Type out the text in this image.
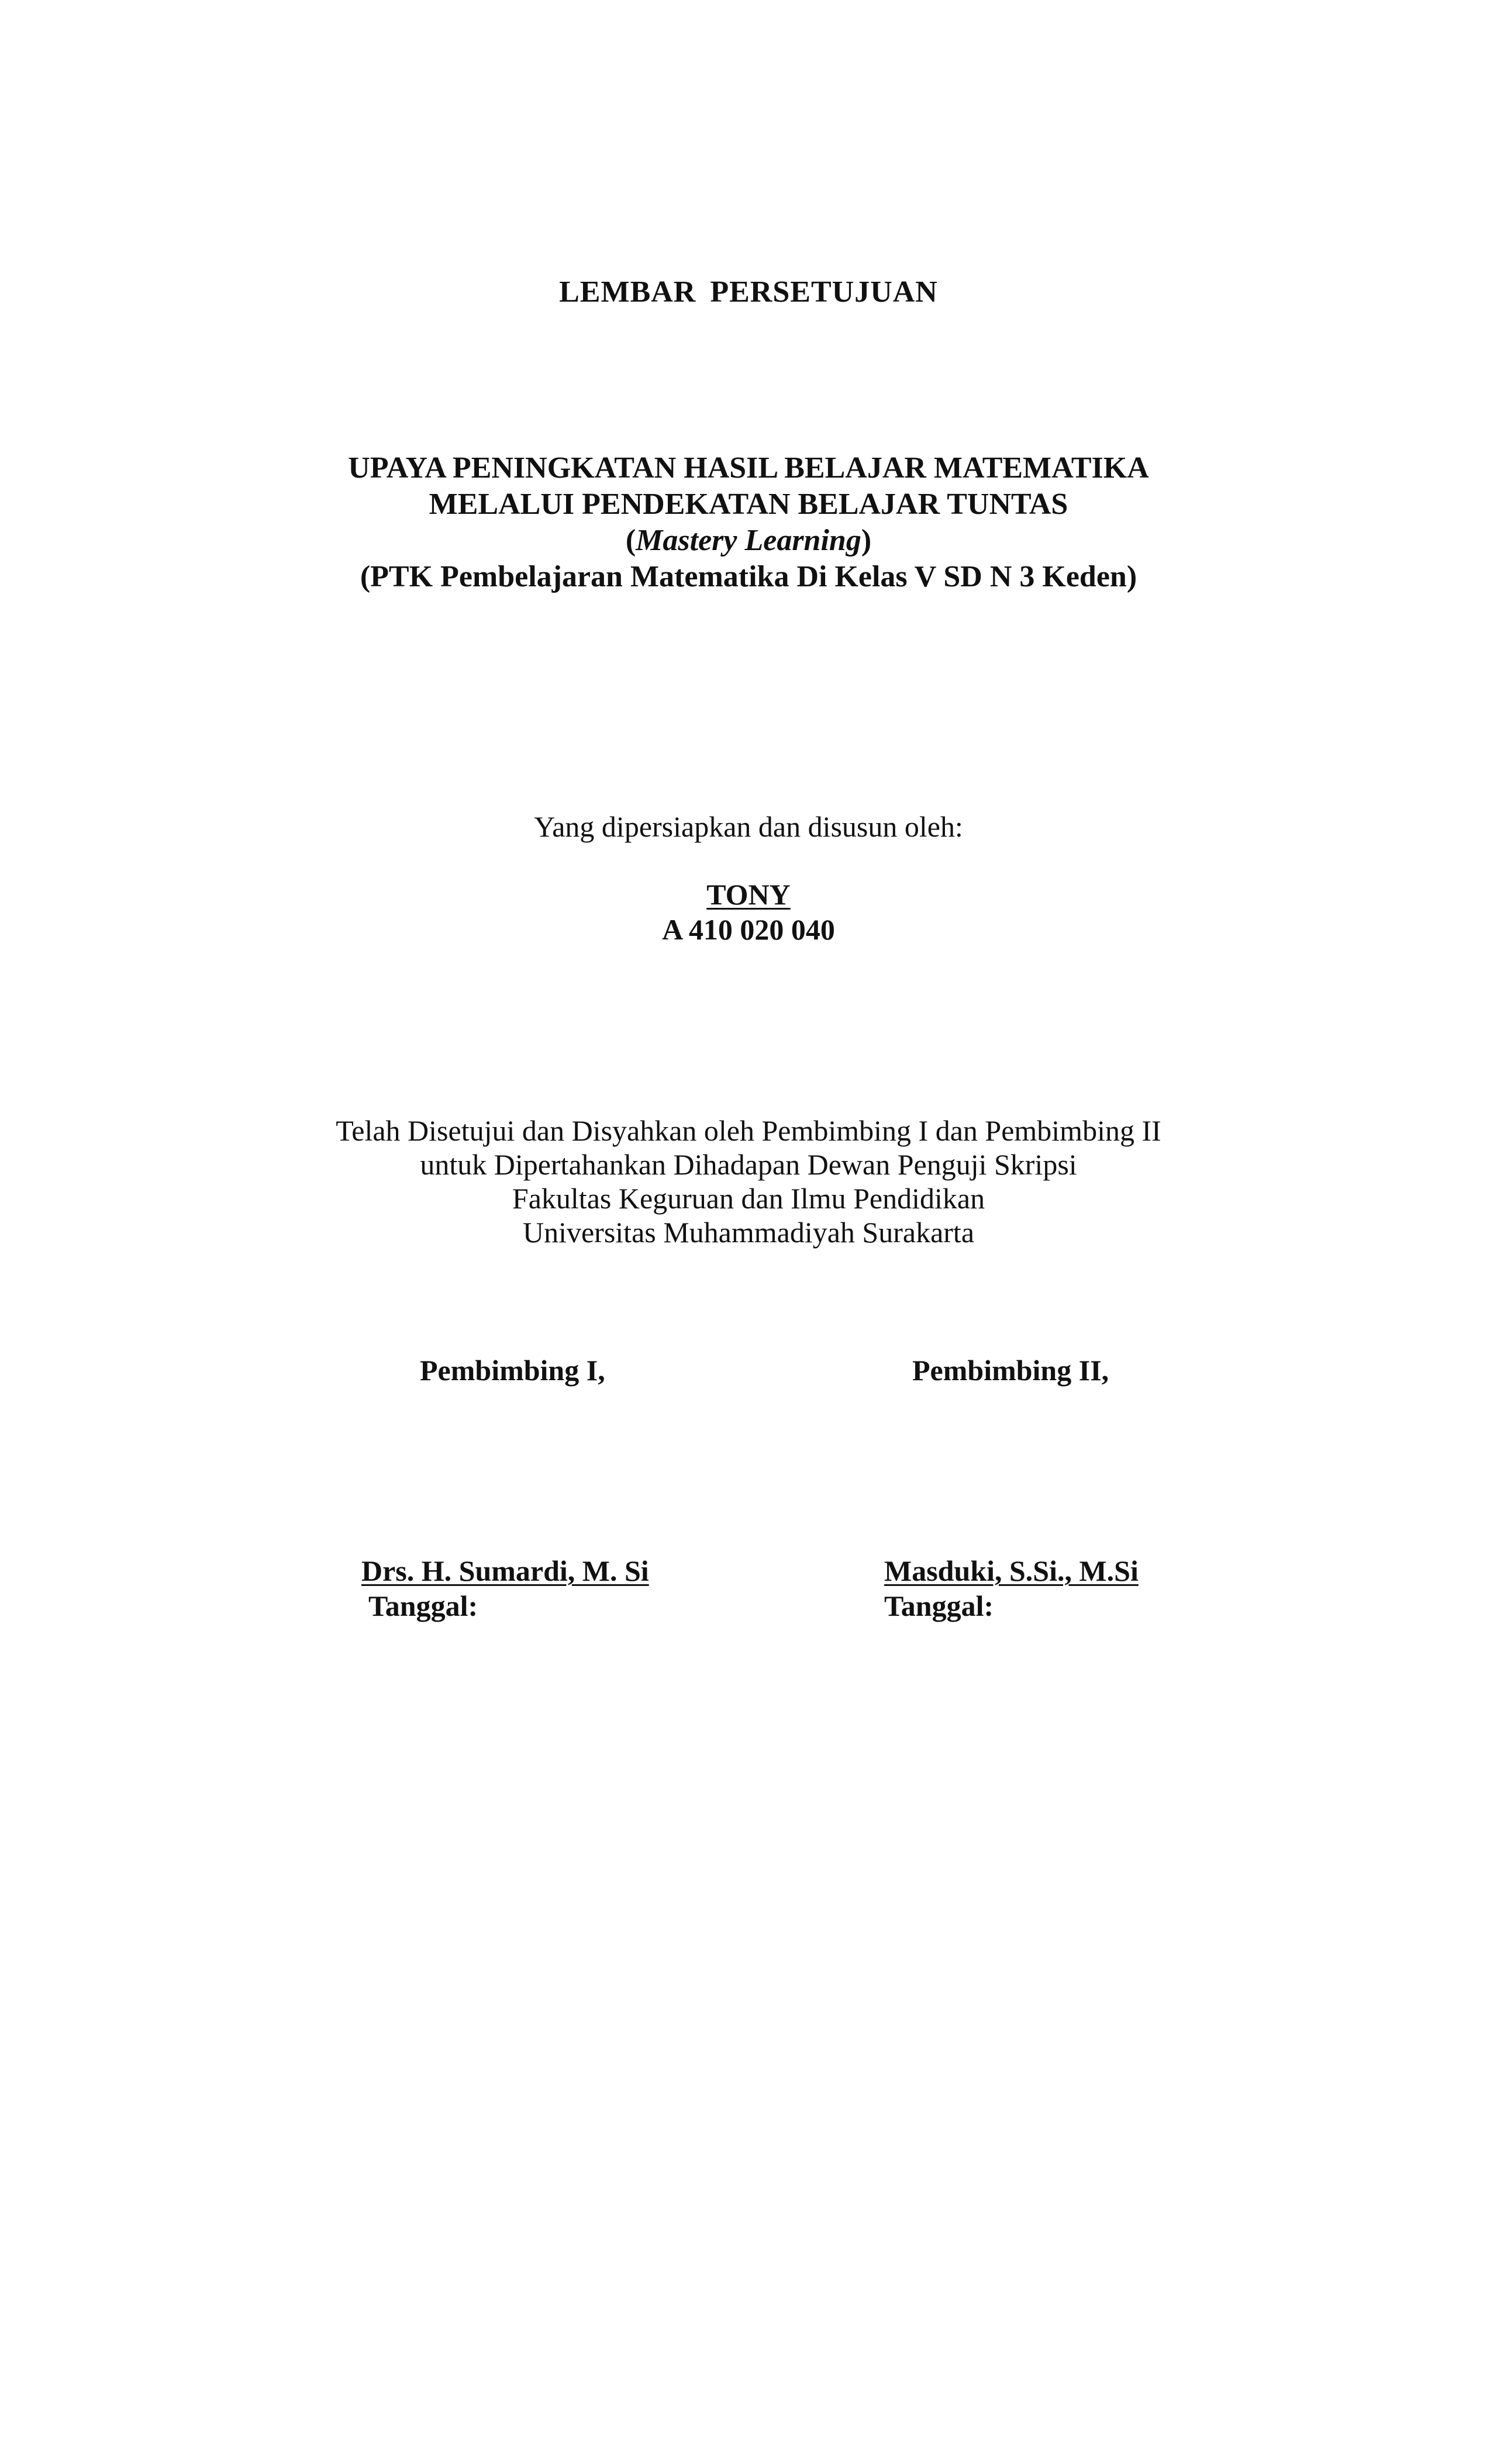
LEMBAR PERSETUJUAN
UPAYA PENINGKATAN HASIL BELAJAR MATEMATIKA
MELALUI PENDEKATAN BELAJAR TUNTAS
(Mastery Learning)
(PTK Pembelajaran Matematika Di Kelas V SD N 3 Keden)
Yang dipersiapkan dan disusun oleh:
TONY
A 410 020 040
Telah Disetujui dan Disyahkan oleh Pembimbing I dan Pembimbing II
untuk Dipertahankan Dihadapan Dewan Penguji Skripsi
Fakultas Keguruan dan Ilmu Pendidikan
Universitas Muhammadiyah Surakarta
Pembimbing I,	Pembimbing II,
Drs. H. Sumardi, M. Si
Tanggal:
Masduki, S.Si., M.Si
Tanggal:
